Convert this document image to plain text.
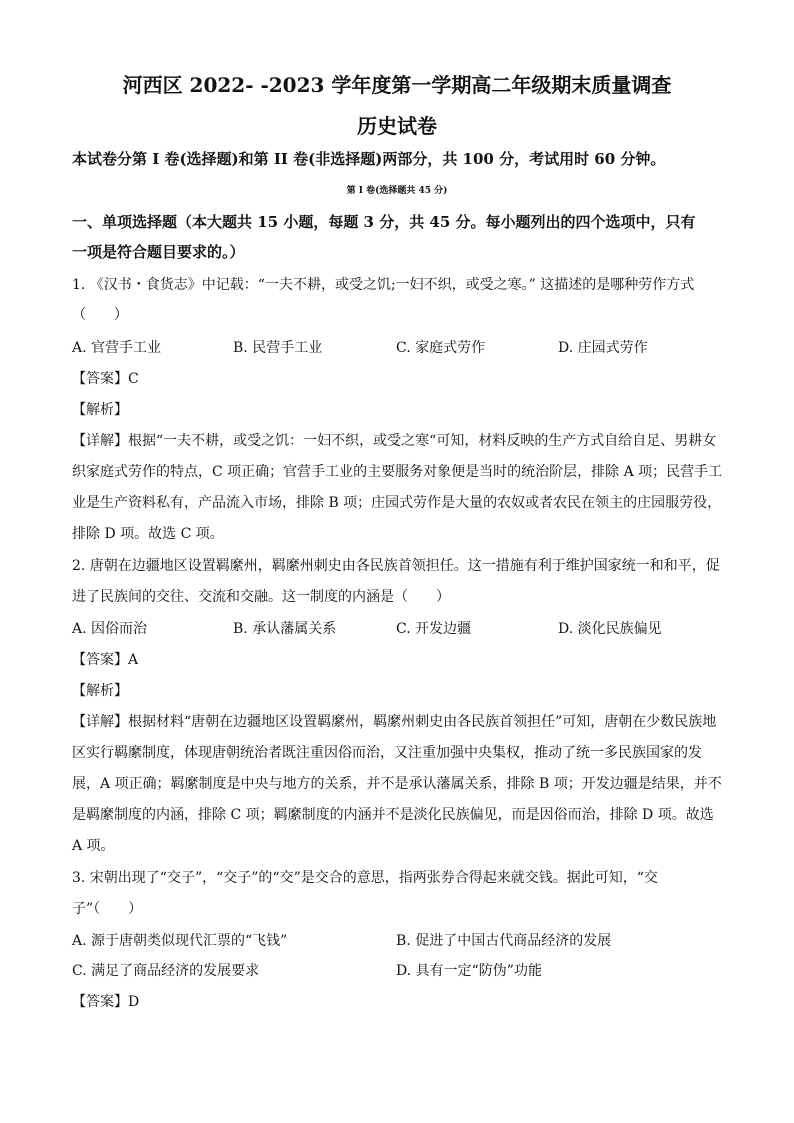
河西区 2022- -2023 学年度第一学期高二年级期末质量调查
历史试卷
本试卷分第 I 卷(选择题)和第 II 卷(非选择题)两部分，共 100 分，考试用时 60 分钟。
第 I 卷(选择题共 45 分)
一、单项选择题（本大题共 15 小题，每题 3 分，共 45 分。每小题列出的四个选项中，只有
一项是符合题目要求的。）
1. 《汉书・食货志》中记载：“一夫不耕，或受之饥;一妇不织，或受之寒。” 这描述的是哪种劳作方式
（　　）
A. 官营手工业	B. 民营手工业	C. 家庭式劳作	D. 庄园式劳作
【答案】C
【解析】
【详解】根据“一夫不耕，或受之饥：一妇不织，或受之寒“可知，材料反映的生产方式自给自足、男耕女
织家庭式劳作的特点，C 项正确；官营手工业的主要服务对象便是当时的统治阶层，排除 A 项；民营手工
业是生产资料私有，产品流入市场，排除 B 项；庄园式劳作是大量的农奴或者农民在领主的庄园服劳役，
排除 D 项。故选 C 项。
2. 唐朝在边疆地区设置羁縻州，羁縻州刺史由各民族首领担任。这一措施有利于维护国家统一和和平，促
进了民族间的交往、交流和交融。这一制度的内涵是（　　）
A. 因俗而治	B. 承认藩属关系	C. 开发边疆	D. 淡化民族偏见
【答案】A
【解析】
【详解】根据材料“唐朝在边疆地区设置羁縻州，羁縻州刺史由各民族首领担任”可知，唐朝在少数民族地
区实行羁縻制度，体现唐朝统治者既注重因俗而治，又注重加强中央集权，推动了统一多民族国家的发
展，A 项正确；羁縻制度是中央与地方的关系，并不是承认藩属关系，排除 B 项；开发边疆是结果，并不
是羁縻制度的内涵，排除 C 项；羁縻制度的内涵并不是淡化民族偏见，而是因俗而治，排除 D 项。故选
A 项。
3. 宋朝出现了“交子”，“交子”的“交”是交合的意思，指两张券合得起来就交钱。据此可知，“交
子”（　　）
A. 源于唐朝类似现代汇票的“飞钱”	B. 促进了中国古代商品经济的发展
C. 满足了商品经济的发展要求	D. 具有一定“防伪”功能
【答案】D
